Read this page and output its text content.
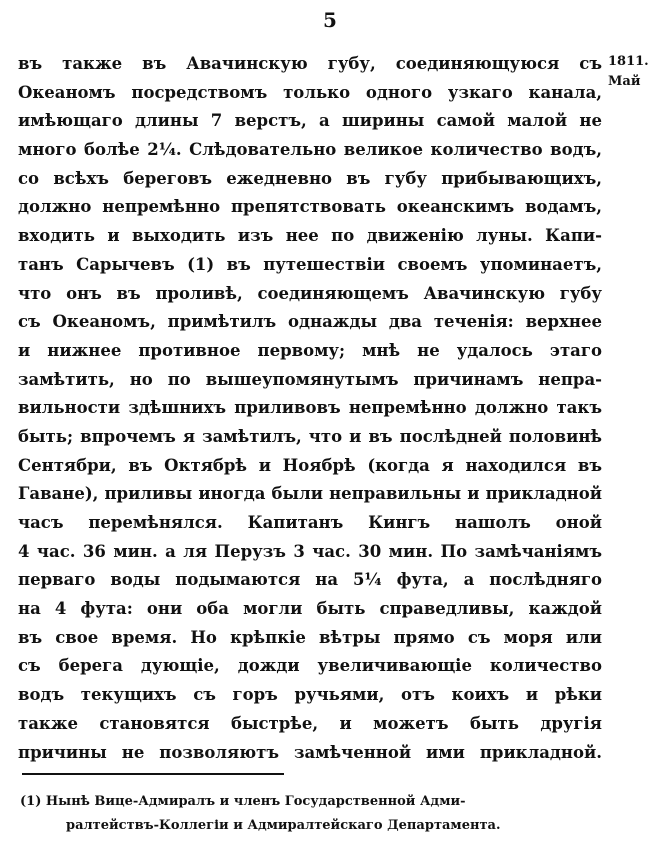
5
1811.
Май
въ также въ Авачинскую губу, соединяющуюся съ
Океаномъ посредствомъ только одного узкаго канала,
имѣющаго длины 7 верстъ, а ширины самой малой не
много болѣе 2¼. Слѣдовательно великое количество водъ,
со всѣхъ береговъ ежедневно въ губу прибывающихъ,
должно непремѣнно препятствовать океанскимъ водамъ,
входить и выходить изъ нее по движенію луны. Капи-
танъ Сарычевъ (1) въ путешествіи своемъ упоминаетъ,
что онъ въ проливѣ, соединяющемъ Авачинскую губу
съ Океаномъ, примѣтилъ однажды два теченія: верхнее
и нижнее противное первому; мнѣ не удалось этаго
замѣтить, но по вышеупомянутымъ причинамъ непра-
вильности здѣшнихъ приливовъ непремѣнно должно такъ
быть; впрочемъ я замѣтилъ, что и въ послѣдней половинѣ
Сентябри, въ Октябрѣ и Ноябрѣ (когда я находился въ
Гаване), приливы иногда были неправильны и прикладной
часъ перемѣнялся. Капитанъ Кингъ нашолъ оной
4 час. 36 мин. а ля Перузъ 3 час. 30 мин. По замѣчаніямъ
перваго воды подымаются на 5¼ фута, а послѣдняго
на 4 фута: они оба могли быть справедливы, каждой
въ свое время. Но крѣпкіе вѣтры прямо съ моря или
съ берега дующіе, дожди увеличивающіе количество
водъ текущихъ съ горъ ручьями, отъ коихъ и рѣки
также становятся быстрѣе, и можетъ быть другія
причины не позволяютъ замѣченной ими прикладной.
(1) Нынѣ Вице-Адмиралъ и членъ Государственной Адми-
ралтействъ-Коллегіи и Адмиралтейскаго Департамента.
